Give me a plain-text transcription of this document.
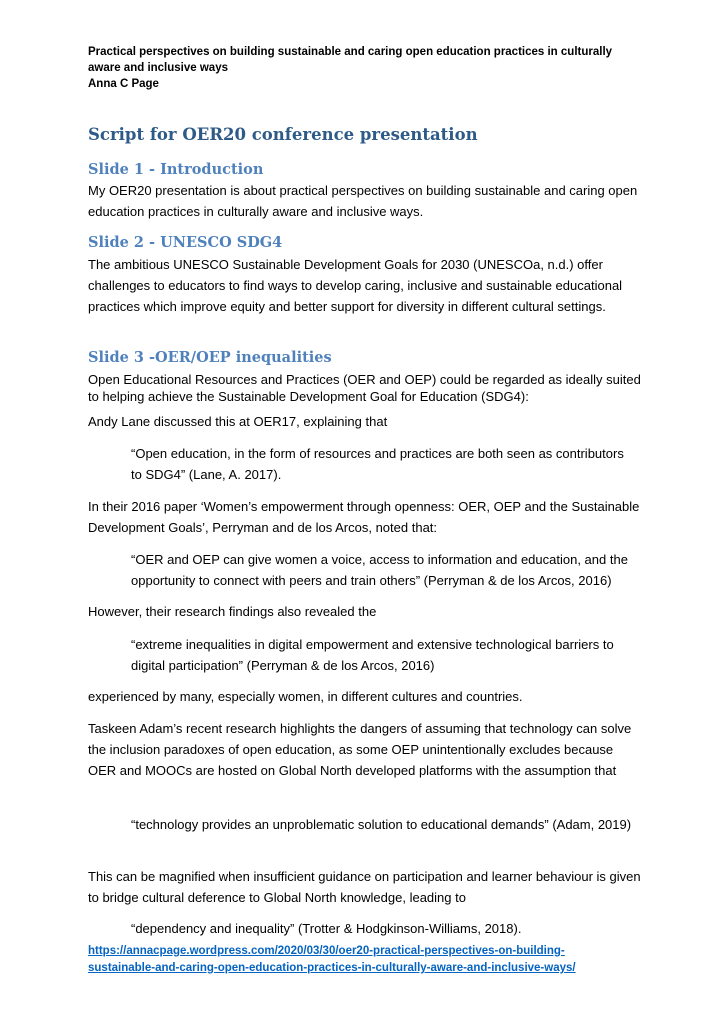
Practical perspectives on building sustainable and caring open education practices in culturally
aware and inclusive ways
Anna C Page
Script for OER20 conference presentation
Slide 1 - Introduction

My OER20 presentation is about practical perspectives on building sustainable and caring open education practices in culturally aware and inclusive ways.

Slide 2 - UNESCO SDG4

The ambitious UNESCO Sustainable Development Goals for 2030 (UNESCOa, n.d.) offer challenges to educators to find ways to develop caring, inclusive and sustainable educational practices which improve equity and better support for diversity in different cultural settings.

Slide 3 -OER/OEP inequalities

Open Educational Resources and Practices (OER and OEP) could be regarded as ideally suited to helping achieve the Sustainable Development Goal for Education (SDG4):

Andy Lane discussed this at OER17, explaining that

“Open education, in the form of resources and practices are both seen as contributors to SDG4” (Lane, A. 2017).

In their 2016 paper ‘Women’s empowerment through openness: OER, OEP and the Sustainable Development Goals’, Perryman and de los Arcos, noted that:

“OER and OEP can give women a voice, access to information and education, and the opportunity to connect with peers and train others” (Perryman & de los Arcos, 2016)

However, their research findings also revealed the

“extreme inequalities in digital empowerment and extensive technological barriers to digital participation” (Perryman & de los Arcos, 2016)

experienced by many, especially women, in different cultures and countries.

Taskeen Adam’s recent research highlights the dangers of assuming that technology can solve the inclusion paradoxes of open education, as some OEP unintentionally excludes because OER and MOOCs are hosted on Global North developed platforms with the assumption that

“technology provides an unproblematic solution to educational demands” (Adam, 2019)

This can be magnified when insufficient guidance on participation and learner behaviour is given to bridge cultural deference to Global North knowledge, leading to

“dependency and inequality” (Trotter & Hodgkinson-Williams, 2018).

https://annacpage.wordpress.com/2020/03/30/oer20-practical-perspectives-on-building-
sustainable-and-caring-open-education-practices-in-culturally-aware-and-inclusive-ways/
